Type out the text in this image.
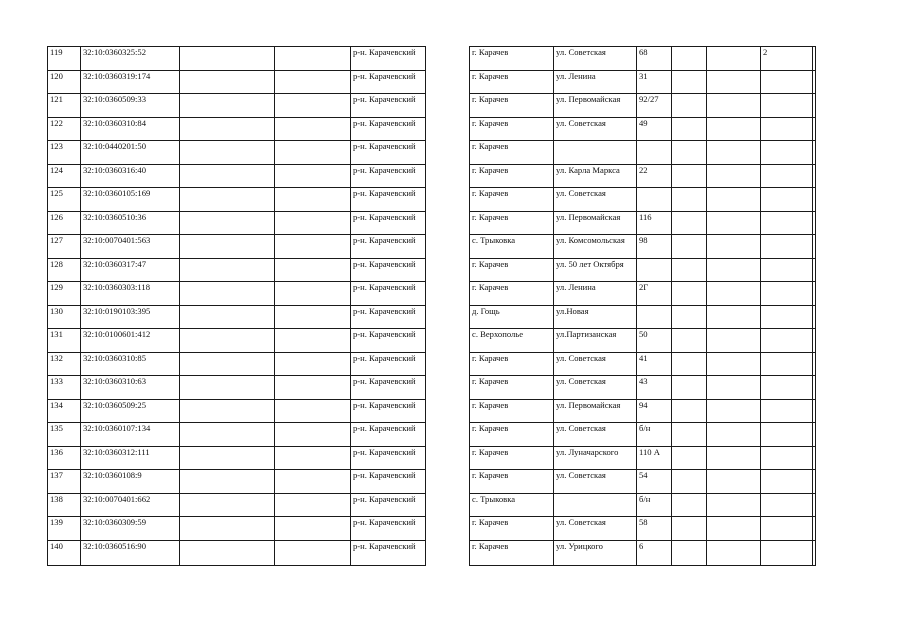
119	32:10:0360325:52			р-н. Карачевский		г. Карачев	ул. Советская	68			2	
120	32:10:0360319:174			р-н. Карачевский		г. Карачев	ул. Ленина	31				
121	32:10:0360509:33			р-н. Карачевский		г. Карачев	ул. Первомайская	92/27				
122	32:10:0360310:84			р-н. Карачевский		г. Карачев	ул. Советская	49				
123	32:10:0440201:50			р-н. Карачевский		г. Карачев						
124	32:10:0360316:40			р-н. Карачевский		г. Карачев	ул. Карла Маркса	22				
125	32:10:0360105:169			р-н. Карачевский		г. Карачев	ул. Советская					
126	32:10:0360510:36			р-н. Карачевский		г. Карачев	ул. Первомайская	116				
127	32:10:0070401:563			р-н. Карачевский		с. Трыковка	ул. Комсомольская	98				
128	32:10:0360317:47			р-н. Карачевский		г. Карачев	ул. 50 лет Октября					
129	32:10:0360303:118			р-н. Карачевский		г. Карачев	ул. Ленина	2Г				
130	32:10:0190103:395			р-н. Карачевский		д. Гощь	ул.Новая					
131	32:10:0100601:412			р-н. Карачевский		с. Верхополье	ул.Партизанская	50				
132	32:10:0360310:85			р-н. Карачевский		г. Карачев	ул. Советская	41				
133	32:10:0360310:63			р-н. Карачевский		г. Карачев	ул. Советская	43				
134	32:10:0360509:25			р-н. Карачевский		г. Карачев	ул. Первомайская	94				
135	32:10:0360107:134			р-н. Карачевский		г. Карачев	ул. Советская	б/н				
136	32:10:0360312:111			р-н. Карачевский		г. Карачев	ул. Луначарского	110 А				
137	32:10:0360108:9			р-н. Карачевский		г. Карачев	ул. Советская	54				
138	32:10:0070401:662			р-н. Карачевский		с. Трыковка		б/н				
139	32:10:0360309:59			р-н. Карачевский		г. Карачев	ул. Советская	58				
140	32:10:0360516:90			р-н. Карачевский		г. Карачев	ул. Урицкого	6				
